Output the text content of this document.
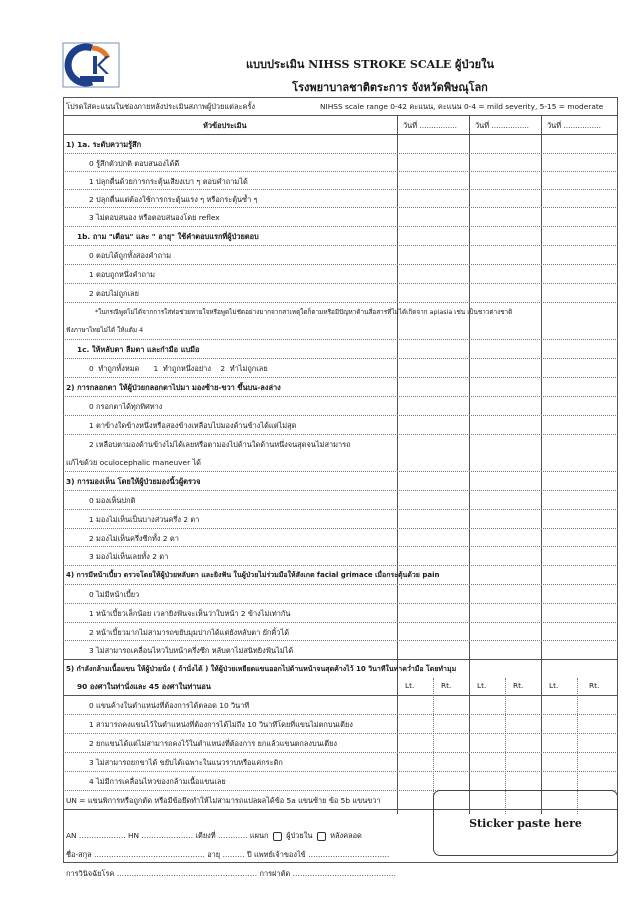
แบบประเมิน NIHSS STROKE SCALE ผู้ป่วยใน
โรงพยาบาลชาติตระการ จังหวัดพิษณุโลก
โปรดใส่คะแนนในช่องภายหลังประเมินสภาพผู้ป่วยแต่ละครั้ง	NIHSS scale range 0-42 คะแนน, คะแนน 0-4 = mild severity, 5-15 = moderate
หัวข้อประเมิน	วันที่ ................ วันที่ ................ วันที่ ................
1) 1a. ระดับความรู้สึก
0 รู้สึกตัวปกติ ตอบสนองได้ดี
1 ปลุกตื่นด้วยการกระตุ้นเสียงเบา ๆ ตอบคำถามได้
2 ปลุกตื่นแต่ต้องใช้การกระตุ้นแรง ๆ หรือกระตุ้นซ้ำ ๆ
3 ไม่ตอบสนอง หรือตอบสนองโดย reflex
1b. ถาม "เดือน" และ " อายุ" ใช้คำตอบแรกที่ผู้ป่วยตอบ
0 ตอบได้ถูกทั้งสองคำถาม
1 ตอบถูกหนึ่งคำถาม
2 ตอบไม่ถูกเลย
*ในกรณีพูดไม่ได้จากการใส่ท่อช่วยหายใจหรือพูดไม่ชัดอย่างมากจากสาเหตุใดก็ตามหรือมีปัญหาด้านสื่อสารที่ไม่ได้เกิดจาก aplasia เช่น เป็นชาวต่างชาติ
ฟังภาษาไทยไม่ได้ ให้แต้ม 4
1c. ให้หลับตา ลืมตา และกำมือ แบมือ
0  ทำถูกทั้งหมด      1  ทำถูกหนึ่งอย่าง    2  ทำไม่ถูกเลย
2) การกลอกตา ให้ผู้ป่วยกลอกตาไปมา มองซ้าย-ขวา ขึ้นบน-ลงล่าง
0 กรอกตาได้ทุกทิศทาง
1 ตาข้างใดข้างหนึ่งหรือสองข้างเหลือบไปมองด้านข้างได้แต่ไม่สุด
2 เหลือบตามองด้านข้างไม่ได้เลยหรือตามองไปด้านใดด้านหนึ่งจนสุดจนไม่สามารถ
แก้ไขด้วย oculocephalic maneuver ได้
3) การมองเห็น โดยให้ผู้ป่วยมองนิ้วผู้ตรวจ
0 มองเห็นปกติ
1 มองไม่เห็นเป็นบางส่วนครึ่ง 2 ตา
2 มองไม่เห็นครึ่งซีกทั้ง 2 ตา
3 มองไม่เห็นเลยทั้ง 2 ตา
4) การมีหน้าเบี้ยว ตรวจโดยให้ผู้ป่วยหลับตา และยิงฟัน ในผู้ป่วยไม่ร่วมมือให้สังเกต facial grimace เมื่อกระตุ้นด้วย pain
0 ไม่มีหน้าเบี้ยว
1 หน้าเบี้ยวเล็กน้อย เวลายิงฟันจะเห็นว่าใบหน้า 2 ข้างไม่เท่ากัน
2 หน้าเบี้ยวมากไม่สามารถขยับมุมปากได้แต่ยังหลับตา ยักคิ้วได้
3 ไม่สามารถเคลื่อนไหวใบหน้าครึ่งซีก หลับตาไม่สนิทยิงฟันไม่ได้
5) กำลังกล้ามเนื้อแขน ให้ผู้ป่วยนั่ง ( ถ้านั่งได้ ) ให้ผู้ป่วยเหยียดแขนออกไปด้านหน้าจนสุดค้างไว้ 10 วินาทีในท่าคว่ำมือ โดยทำมุม
90 องศาในท่านั่งและ 45 องศาในท่านอน	Lt.	Rt.	Lt.	Rt.	Lt.	Rt.
0 แขนค้างในตำแหน่งที่ต้องการได้ตลอด 10 วินาที
1 สามารถคงแขนไว้ในตำแหน่งที่ต้องการได้ไม่ถึง 10 วินาทีโดยที่แขนไม่ตกบนเตียง
2 ยกแขนได้แต่ไม่สามารถคงไว้ในตำแหน่งที่ต้องการ ยกแล้วแขนตกลงบนเตียง
3 ไม่สามารถยกขาได้ ขยับได้เฉพาะในแนวราบหรือแค่กระดิก
4 ไม่มีการเคลื่อนไหวของกล้ามเนื้อแขนเลย
UN = แขนพิการหรือถูกตัด หรือมีข้อยึดทำให้ไม่สามารถแปลผลได้ข้อ 5a แขนซ้าย ข้อ 5b แขนขวา
AN ………………. HN ………………… เตียงที่ ………… แผนก ผู้ป่วยใน หลังคลอด
ชื่อ-สกุล ……………………………………… อายุ ……… ปี แพทย์เจ้าของไข้ ……………………………
การวินิจฉัยโรค ………………………………………………… การผ่าตัด ……………………………………
Sticker paste here
